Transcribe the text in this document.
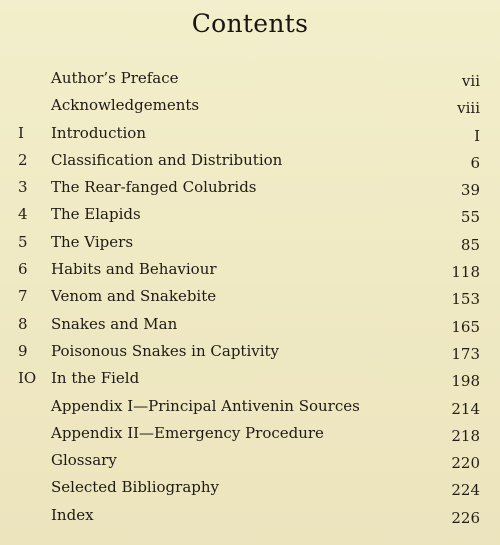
Contents
Author’s Preface	vii
Acknowledgements	viii
I	Introduction	I
2	Classification and Distribution	6
3	The Rear-fanged Colubrids	39
4	The Elapids	55
5	The Vipers	85
6	Habits and Behaviour	118
7	Venom and Snakebite	153
8	Snakes and Man	165
9	Poisonous Snakes in Captivity	173
IO In the Field	198
Appendix I—Principal Antivenin Sources	214
Appendix II—Emergency Procedure	218
Glossary	220
Selected Bibliography	224
Index	226
